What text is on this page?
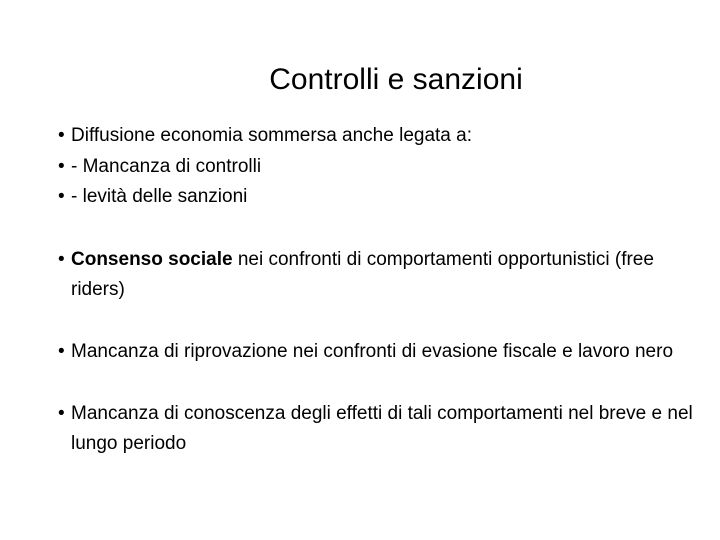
Controlli e sanzioni
• Diffusione economia sommersa anche legata a:
• - Mancanza di controlli
• - levità delle sanzioni
• Consenso sociale nei confronti di comportamenti opportunistici (free riders)
• Mancanza di riprovazione nei confronti di evasione fiscale e lavoro nero
• Mancanza di conoscenza degli effetti di tali comportamenti nel breve e nel lungo periodo
